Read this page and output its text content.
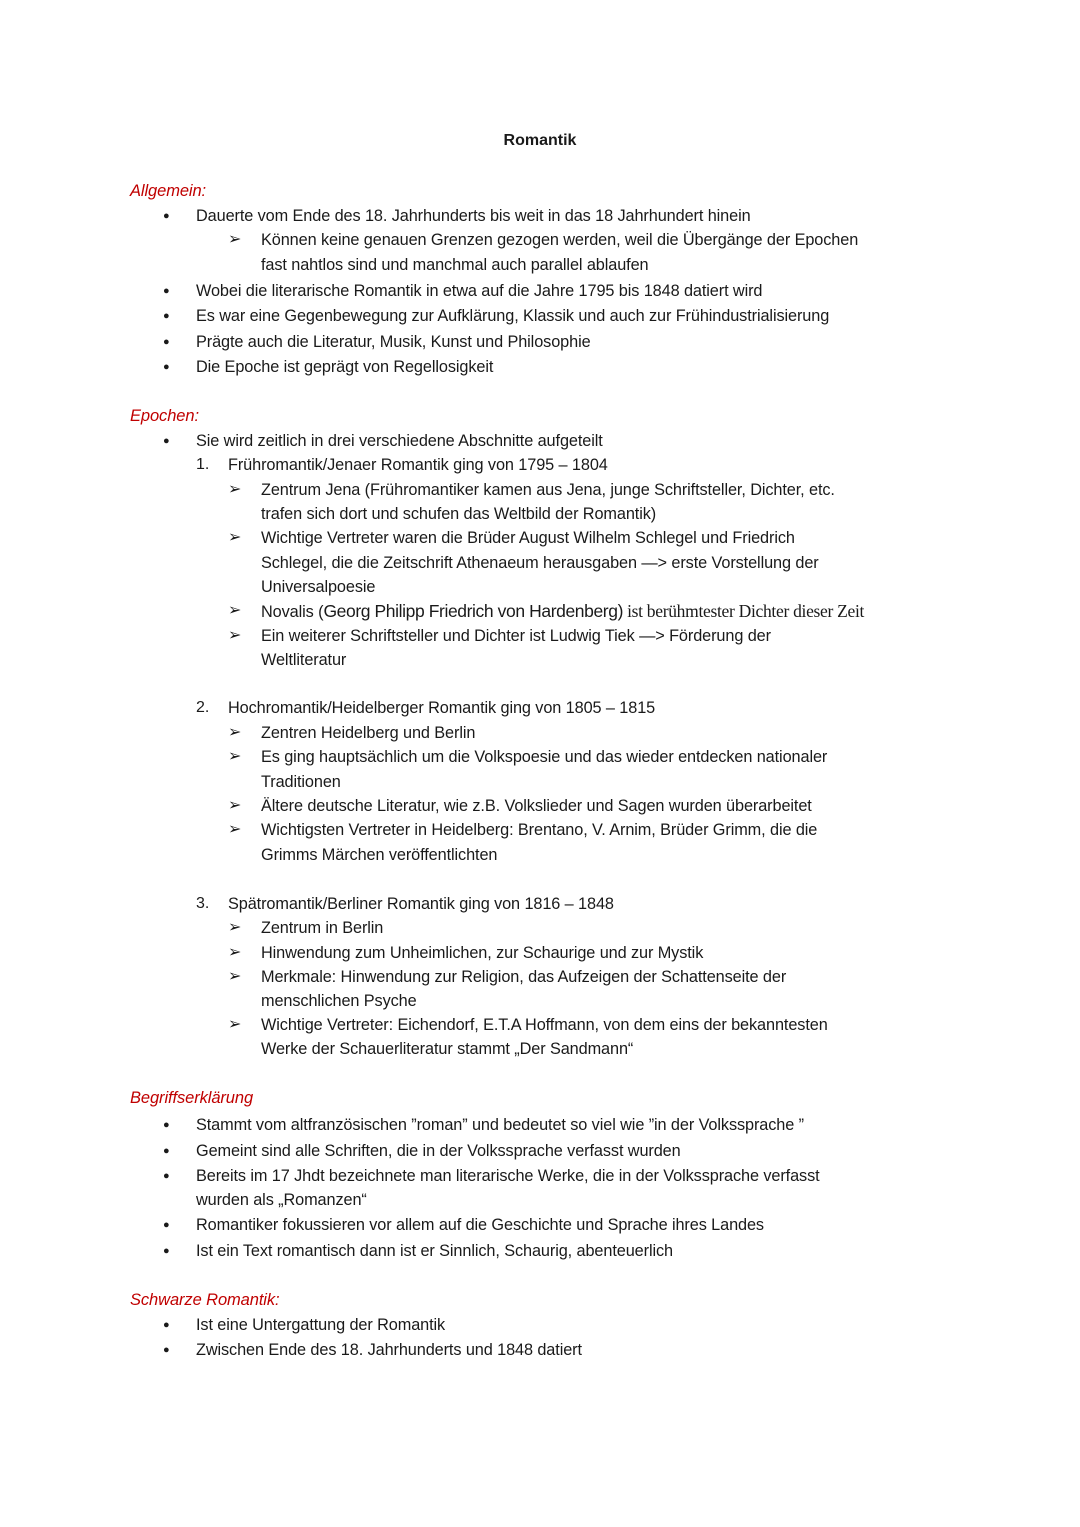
Romantik
Allgemein:
● Dauerte vom Ende des 18. Jahrhunderts bis weit in das 18 Jahrhundert hinein
➢ Können keine genauen Grenzen gezogen werden, weil die Übergänge der Epochen
fast nahtlos sind und manchmal auch parallel ablaufen
● Wobei die literarische Romantik in etwa auf die Jahre 1795 bis 1848 datiert wird
● Es war eine Gegenbewegung zur Aufklärung, Klassik und auch zur Frühindustrialisierung
● Prägte auch die Literatur, Musik, Kunst und Philosophie
● Die Epoche ist geprägt von Regellosigkeit
Epochen:
● Sie wird zeitlich in drei verschiedene Abschnitte aufgeteilt
1. Frühromantik/Jenaer Romantik ging von 1795 – 1804
➢ Zentrum Jena (Frühromantiker kamen aus Jena, junge Schriftsteller, Dichter, etc.
trafen sich dort und schufen das Weltbild der Romantik)
➢ Wichtige Vertreter waren die Brüder August Wilhelm Schlegel und Friedrich
Schlegel, die die Zeitschrift Athenaeum herausgaben —> erste Vorstellung der
Universalpoesie
➢ Novalis (Georg Philipp Friedrich von Hardenberg) ist berühmtester Dichter dieser Zeit
➢ Ein weiterer Schriftsteller und Dichter ist Ludwig Tiek —> Förderung der
Weltliteratur
2. Hochromantik/Heidelberger Romantik ging von 1805 – 1815
➢ Zentren Heidelberg und Berlin
➢ Es ging hauptsächlich um die Volkspoesie und das wieder entdecken nationaler
Traditionen
➢ Ältere deutsche Literatur, wie z.B. Volkslieder und Sagen wurden überarbeitet
➢ Wichtigsten Vertreter in Heidelberg: Brentano, V. Arnim, Brüder Grimm, die die
Grimms Märchen veröffentlichten
3. Spätromantik/Berliner Romantik ging von 1816 – 1848
➢ Zentrum in Berlin
➢ Hinwendung zum Unheimlichen, zur Schaurige und zur Mystik
➢ Merkmale: Hinwendung zur Religion, das Aufzeigen der Schattenseite der
menschlichen Psyche
➢ Wichtige Vertreter: Eichendorf, E.T.A Hoffmann, von dem eins der bekanntesten
Werke der Schauerliteratur stammt „Der Sandmann“
Begriffserklärung
● Stammt vom altfranzösischen ”roman” und bedeutet so viel wie ”in der Volkssprache ”
● Gemeint sind alle Schriften, die in der Volkssprache verfasst wurden
● Bereits im 17 Jhdt bezeichnete man literarische Werke, die in der Volkssprache verfasst
wurden als „Romanzen“
● Romantiker fokussieren vor allem auf die Geschichte und Sprache ihres Landes
● Ist ein Text romantisch dann ist er Sinnlich, Schaurig, abenteuerlich
Schwarze Romantik:
● Ist eine Untergattung der Romantik
● Zwischen Ende des 18. Jahrhunderts und 1848 datiert
